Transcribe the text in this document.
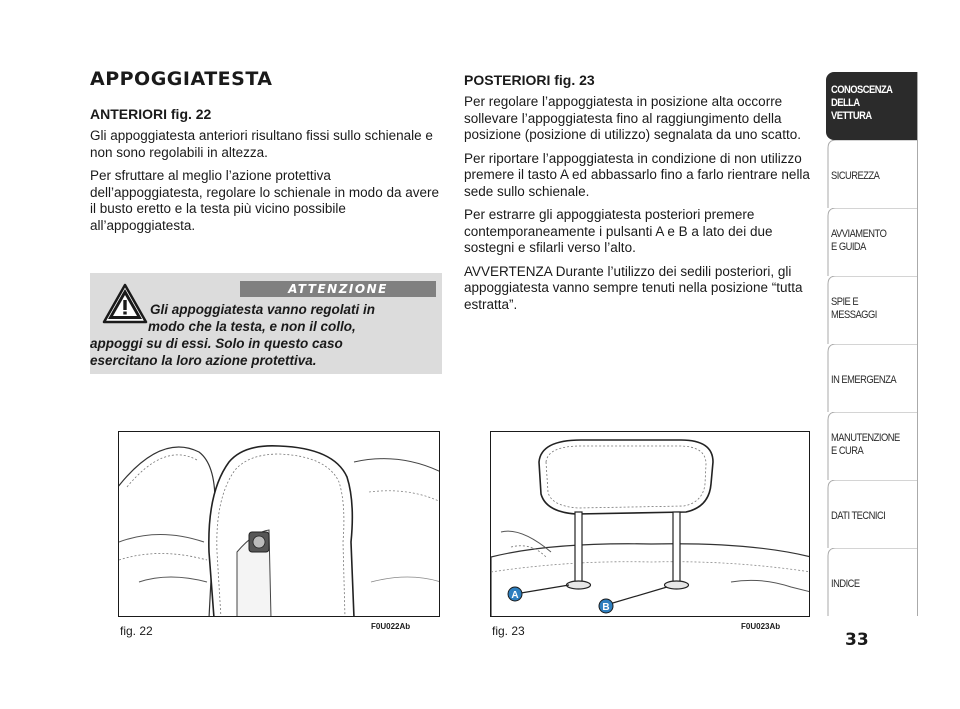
APPOGGIATESTA
ANTERIORI fig. 22

Gli appoggiatesta anteriori risultano fissi sullo schienale e non sono regolabili in altezza.

Per sfruttare al meglio l’azione protettiva dell’appoggiatesta, regolare lo schienale in modo da avere il busto eretto e la testa più vicino possibile all’appoggiatesta.

ATTENZIONE
Gli appoggiatesta vanno regolati in
modo che la testa, e non il collo,
appoggi su di essi. Solo in questo caso
esercitano la loro azione protettiva.
POSTERIORI fig. 23

Per regolare l’appoggiatesta in posizione alta occorre sollevare l’appoggiatesta fino al raggiungimento della posizione (posizione di utilizzo) segnalata da uno scatto.

Per riportare l’appoggiatesta in condizione di non utilizzo premere il tasto A ed abbassarlo fino a farlo rientrare nella sede sullo schienale.

Per estrarre gli appoggiatesta posteriori premere contemporaneamente i pulsanti A e B a lato dei due sostegni e sfilarli verso l’alto.

AVVERTENZA Durante l’utilizzo dei sedili posteriori, gli appoggiatesta vanno sempre tenuti nella posizione “tutta estratta”.

fig. 22	F0U022Ab
A
B
fig. 23	F0U023Ab
CONOSCENZA
DELLA
VETTURA
SICUREZZA
AVVIAMENTO
E GUIDA
SPIE E
MESSAGGI
IN EMERGENZA
MANUTENZIONE
E CURA
DATI TECNICI
INDICE
33
